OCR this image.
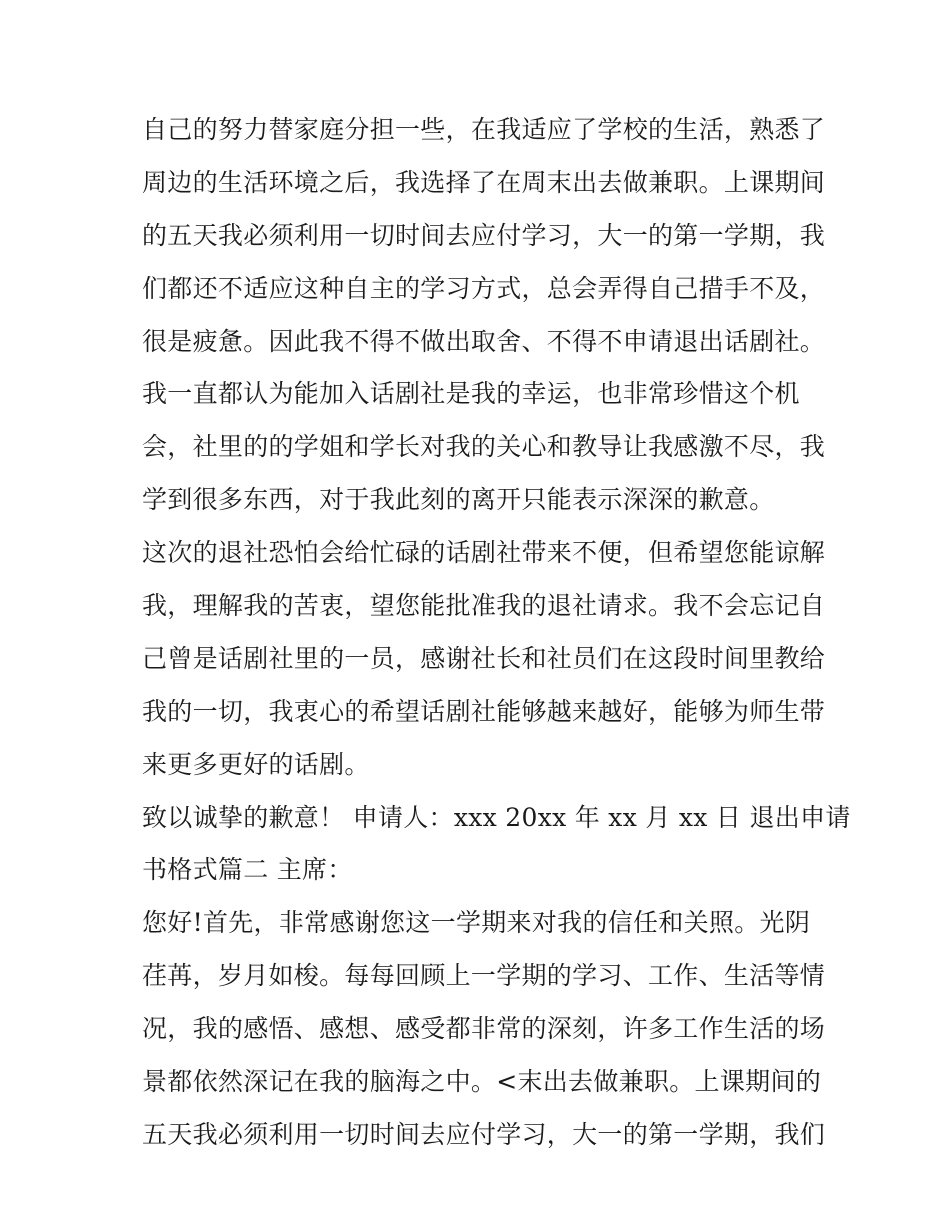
自己的努力替家庭分担一些，在我适应了学校的生活，熟悉了
周边的生活环境之后，我选择了在周末出去做兼职。上课期间
的五天我必须利用一切时间去应付学习，大一的第一学期，我
们都还不适应这种自主的学习方式，总会弄得自己措手不及，
很是疲惫。因此我不得不做出取舍、不得不申请退出话剧社。
我一直都认为能加入话剧社是我的幸运，也非常珍惜这个机
会，社里的的学姐和学长对我的关心和教导让我感激不尽，我
学到很多东西，对于我此刻的离开只能表示深深的歉意。
这次的退社恐怕会给忙碌的话剧社带来不便，但希望您能谅解
我，理解我的苦衷，望您能批准我的退社请求。我不会忘记自
己曾是话剧社里的一员，感谢社长和社员们在这段时间里教给
我的一切，我衷心的希望话剧社能够越来越好，能够为师生带
来更多更好的话剧。
致以诚挚的歉意！ 申请人：xxx 20xx 年 xx 月 xx 日 退出申请
书格式篇二 主席：
您好!首先，非常感谢您这一学期来对我的信任和关照。光阴
荏苒，岁月如梭。每每回顾上一学期的学习、工作、生活等情
况，我的感悟、感想、感受都非常的深刻，许多工作生活的场
景都依然深记在我的脑海之中。<末出去做兼职。上课期间的
五天我必须利用一切时间去应付学习，大一的第一学期，我们
